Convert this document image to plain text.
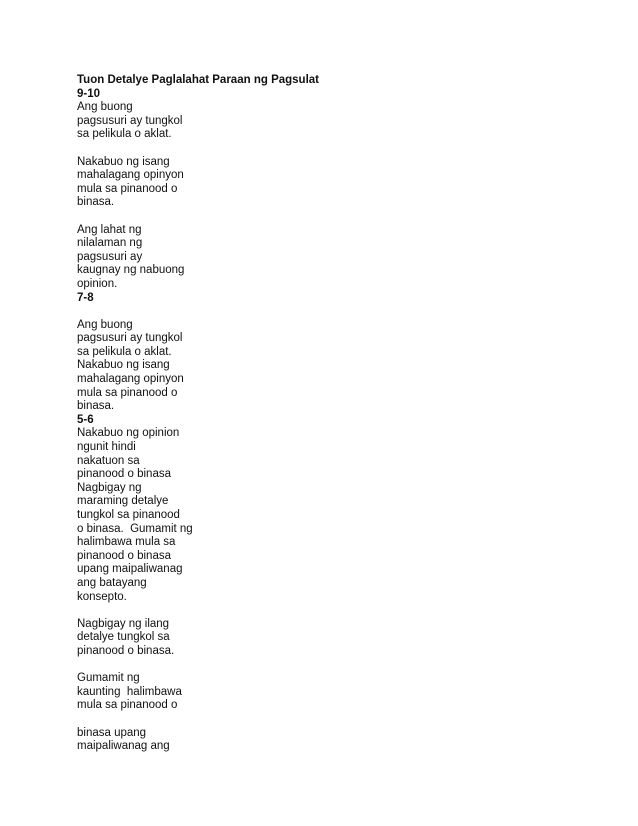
Tuon Detalye Paglalahat Paraan ng Pagsulat
9-10
Ang buong
pagsusuri ay tungkol
sa pelikula o aklat.
Nakabuo ng isang
mahalagang opinyon
mula sa pinanood o
binasa.
Ang lahat ng
nilalaman ng
pagsusuri ay
kaugnay ng nabuong
opinion.
7-8
Ang buong
pagsusuri ay tungkol
sa pelikula o aklat.
Nakabuo ng isang
mahalagang opinyon
mula sa pinanood o
binasa.
5-6
Nakabuo ng opinion
ngunit hindi
nakatuon sa
pinanood o binasa
Nagbigay ng
maraming detalye
tungkol sa pinanood
o binasa.  Gumamit ng
halimbawa mula sa
pinanood o binasa
upang maipaliwanag
ang batayang
konsepto.
Nagbigay ng ilang
detalye tungkol sa
pinanood o binasa.
Gumamit ng
kaunting  halimbawa
mula sa pinanood o
binasa upang
maipaliwanag ang
